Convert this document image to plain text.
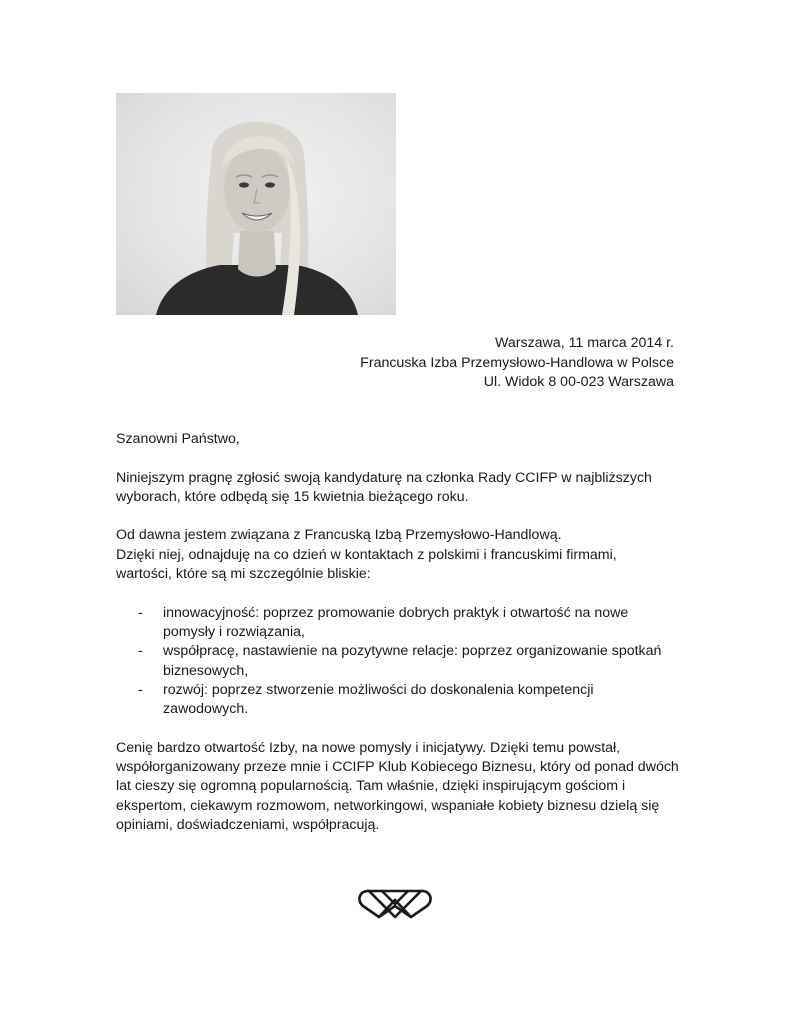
Warszawa, 11 marca 2014 r.
Francuska Izba Przemysłowo-Handlowa w Polsce
Ul. Widok 8 00-023 Warszawa

Szanowni Państwo,

Niniejszym pragnę zgłosić swoją kandydaturę na członka Rady CCIFP w najbliższych
wyborach, które odbędą się 15 kwietnia bieżącego roku.
Od dawna jestem związana z Francuską Izbą Przemysłowo-Handlową.
Dzięki niej, odnajduję na co dzień w kontaktach z polskimi i francuskimi firmami,
wartości, które są mi szczególnie bliskie:
- innowacyjność: poprzez promowanie dobrych praktyk i otwartość na nowe
pomysły i rozwiązania,
- współpracę, nastawienie na pozytywne relacje: poprzez organizowanie spotkań
biznesowych,
- rozwój: poprzez stworzenie możliwości do doskonalenia kompetencji
zawodowych.
Cenię bardzo otwartość Izby, na nowe pomysły i inicjatywy. Dzięki temu powstał,
współorganizowany przeze mnie i CCIFP Klub Kobiecego Biznesu, który od ponad dwóch
lat cieszy się ogromną popularnością. Tam właśnie, dzięki inspirującym gościom i
ekspertom, ciekawym rozmowom, networkingowi, wspaniałe kobiety biznesu dzielą się
opiniami, doświadczeniami, współpracują.
